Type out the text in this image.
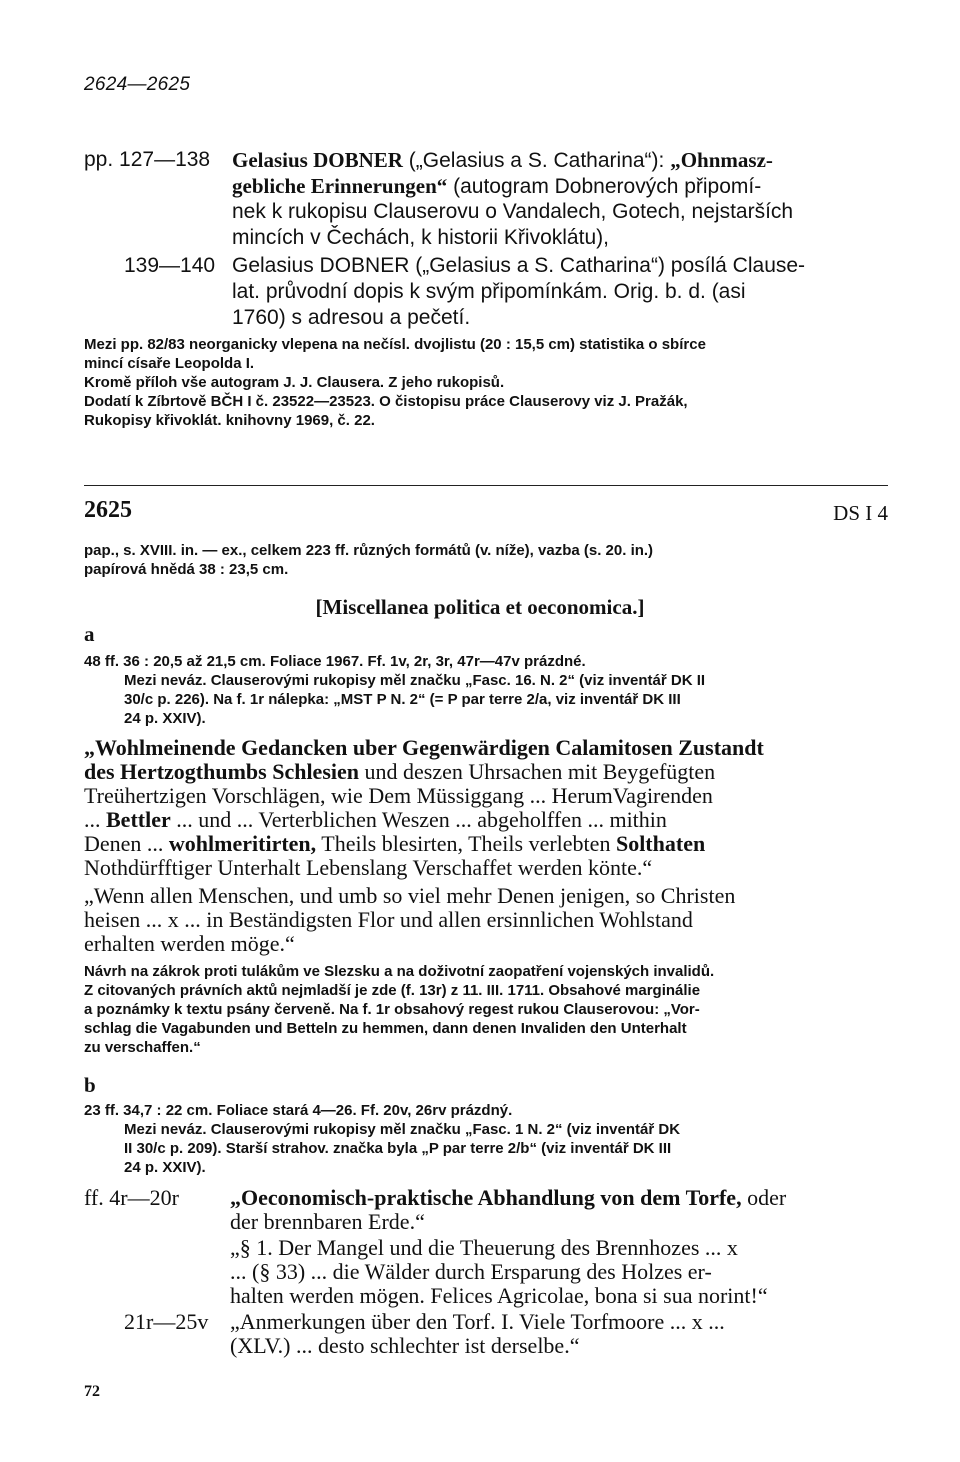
2624—2625
pp. 127—138 Gelasius DOBNER („Gelasius a S. Catharina“): „Ohnmasz-
gebliche Erinnerungen“ (autogram Dobnerových připomí-
nek k rukopisu Clauserovu o Vandalech, Gotech, nejstarších
mincích v Čechách, k historii Křivoklátu),
139—140 Gelasius DOBNER („Gelasius a S. Catharina“) posílá Clause-
lat. průvodní dopis k svým připomínkám. Orig. b. d. (asi
1760) s adresou a pečetí.
Mezi pp. 82/83 neorganicky vlepena na nečísl. dvojlistu (20 : 15,5 cm) statistika o sbírce
mincí císaře Leopolda I.
Kromě příloh vše autogram J. J. Clausera. Z jeho rukopisů.
Dodatí k Zíbrtově BČH I č. 23522—23523. O čistopisu práce Clauserovy viz J. Pražák,
Rukopisy křivoklát. knihovny 1969, č. 22.
2625	DS I 4
pap., s. XVIII. in. — ex., celkem 223 ff. různých formátů (v. níže), vazba (s. 20. in.)
papírová hnědá 38 : 23,5 cm.
[Miscellanea politica et oeconomica.]
a
48 ff. 36 : 20,5 až 21,5 cm. Foliace 1967. Ff. 1v, 2r, 3r, 47r—47v prázdné.
Mezi neváz. Clauserovými rukopisy měl značku „Fasc. 16. N. 2“ (viz inventář DK II
30/c p. 226). Na f. 1r nálepka: „MST P N. 2“ (= P par terre 2/a, viz inventář DK III
24 p. XXIV).
„Wohlmeinende Gedancken uber Gegenwärdigen Calamitosen Zustandt
des Hertzogthumbs Schlesien und deszen Uhrsachen mit Beygefügten
Treühertzigen Vorschlägen, wie Dem Müssiggang ... HerumVagirenden
... Bettler ... und ... Verterblichen Weszen ... abgeholffen ... mithin
Denen ... wohlmeritirten, Theils blesirten, Theils verlebten Solthaten
Nothdürfftiger Unterhalt Lebenslang Verschaffet werden könte.“
„Wenn allen Menschen, und umb so viel mehr Denen jenigen, so Christen
heisen ... x ... in Beständigsten Flor und allen ersinnlichen Wohlstand
erhalten werden möge.“
Návrh na zákrok proti tulákům ve Slezsku a na doživotní zaopatření vojenských invalidů.
Z citovaných právních aktů nejmladší je zde (f. 13r) z 11. III. 1711. Obsahové marginálie
a poznámky k textu psány červeně. Na f. 1r obsahový regest rukou Clauserovou: „Vor-
schlag die Vagabunden und Betteln zu hemmen, dann denen Invaliden den Unterhalt
zu verschaffen.“
b
23 ff. 34,7 : 22 cm. Foliace stará 4—26. Ff. 20v, 26rv prázdný.
Mezi neváz. Clauserovými rukopisy měl značku „Fasc. 1 N. 2“ (viz inventář DK
II 30/c p. 209). Starší strahov. značka byla „P par terre 2/b“ (viz inventář DK III
24 p. XXIV).
ff. 4r—20r „Oeconomisch-praktische Abhandlung von dem Torfe, oder
der brennbaren Erde.“
„§ 1. Der Mangel und die Theuerung des Brennhozes ... x
... (§ 33) ... die Wälder durch Ersparung des Holzes er-
halten werden mögen. Felices Agricolae, bona si sua norint!“
21r—25v „Anmerkungen über den Torf. I. Viele Torfmoore ... x ...
(XLV.) ... desto schlechter ist derselbe.“
72
